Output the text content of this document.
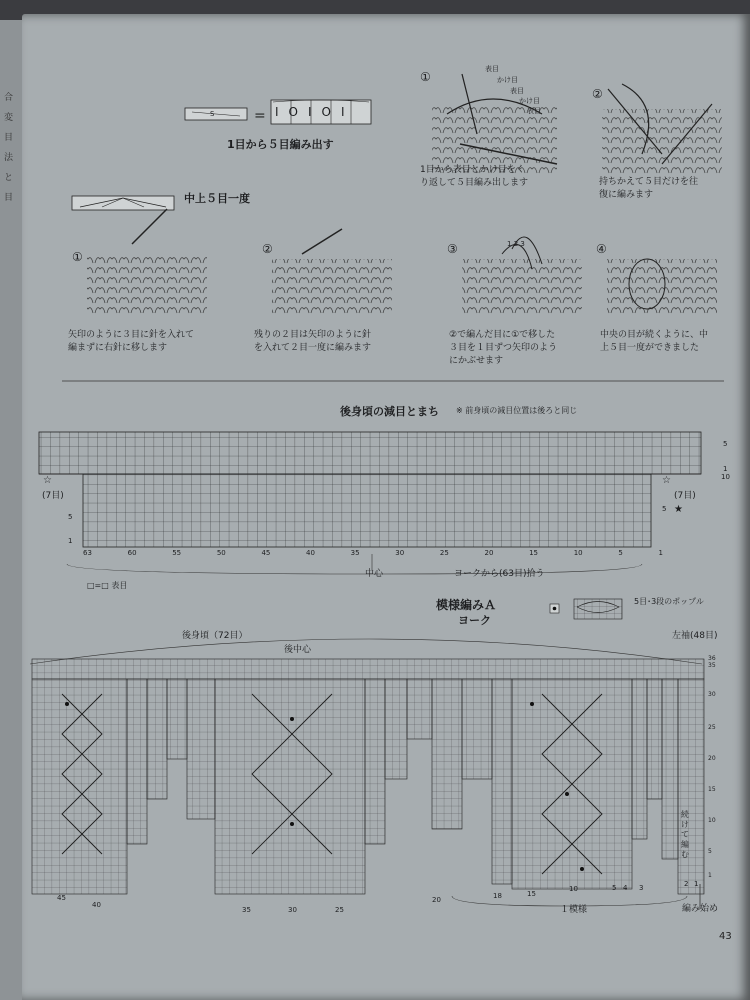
合
変
目
法
と
目
=
S	IOIOI
1目から５目編み出す
①
表目
かけ目
表目
かけ目
表目
1目から表目とかけ目をく
り返して５目編み出します
②
持ちかえて５目だけを往
復に編みます
中上５目一度
①
矢印のように３目に針を入れて
編まずに右針に移します
②
残りの２目は矢印のように針
を入れて２目一度に編みます
③	1 2 3
②で編んだ目に①で移した
３目を１目ずつ矢印のよう
にかぶせます
④
中央の目が続くように、中
上５目一度ができました
後身頃の減目とまち ※ 前身頃の減目位置は後ろと同じ
☆
(7目)
☆
(7目)
★
5
1
10
5
5
1
63	60	55	50	45	40	35	30	25	20	15	10	5	1
中心	ヨークから(63目)拾う
□=□ 表目
模様編みＡ
ヨーク
5目･3段のポップル
後身頃（72目）
後中心
左袖(48目)
36
35
30
25
20
15
10
5
1
45
40
35	30	25
20	18	15
10	5 4 3	2 1
続
け
て
編
む
１模様	編み始め
43
